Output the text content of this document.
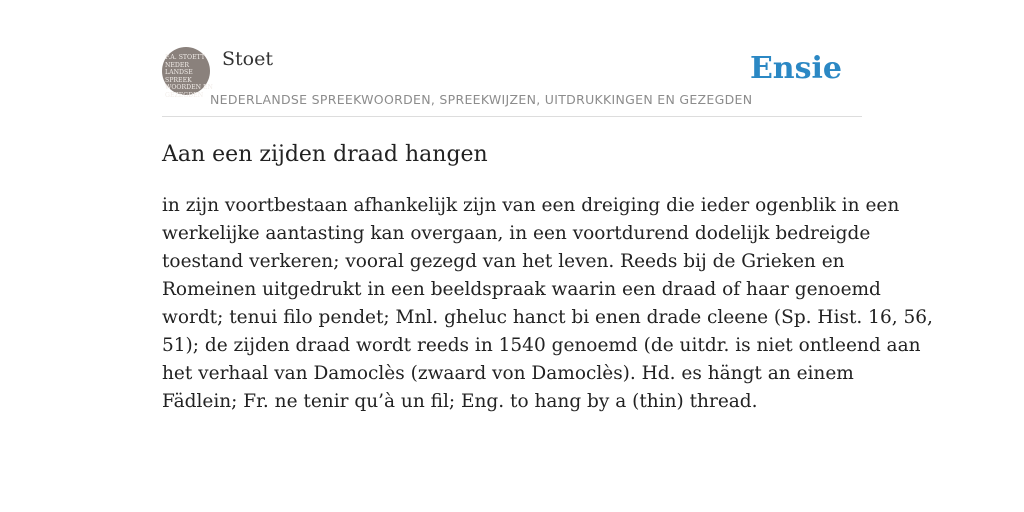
F.A. STOETT
NEDER
LANDSE
SPREEK
WOORDEN EN
GEZEGDEN
Stoet
NEDERLANDSE SPREEKWOORDEN, SPREEKWIJZEN, UITDRUKKINGEN EN GEZEGDEN
Ensie
Aan een zijden draad hangen
in zijn voortbestaan afhankelijk zijn van een dreiging die ieder ogenblik in een
werkelijke aantasting kan overgaan, in een voortdurend dodelijk bedreigde
toestand verkeren; vooral gezegd van het leven. Reeds bij de Grieken en
Romeinen uitgedrukt in een beeldspraak waarin een draad of haar genoemd
wordt; tenui filo pendet; Mnl. gheluc hanct bi enen drade cleene (Sp. Hist. 16, 56,
51); de zijden draad wordt reeds in 1540 genoemd (de uitdr. is niet ontleend aan
het verhaal van Damoclès (zwaard von Damoclès). Hd. es hängt an einem
Fädlein; Fr. ne tenir qu’à un fil; Eng. to hang by a (thin) thread.
